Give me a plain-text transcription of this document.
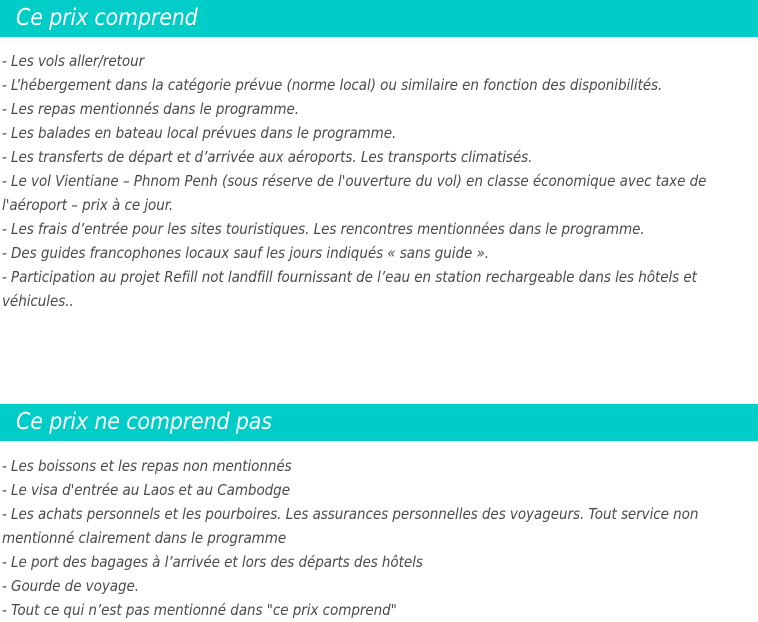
Ce prix comprend

- Les vols aller/retour

- L’hébergement dans la catégorie prévue (norme local) ou similaire en fonction des disponibilités.

- Les repas mentionnés dans le programme.

- Les balades en bateau local prévues dans le programme.

- Les transferts de départ et d’arrivée aux aéroports. Les transports climatisés.

- Le vol Vientiane – Phnom Penh (sous réserve de l'ouverture du vol) en classe économique avec taxe de l'aéroport – prix à ce jour.

- Les frais d’entrée pour les sites touristiques. Les rencontres mentionnées dans le programme.

- Des guides francophones locaux sauf les jours indiqués « sans guide ».

- Participation au projet Refill not landfill fournissant de l’eau en station rechargeable dans les hôtels et véhicules..

Ce prix ne comprend pas

- Les boissons et les repas non mentionnés

- Le visa d'entrée au Laos et au Cambodge

- Les achats personnels et les pourboires. Les assurances personnelles des voyageurs. Tout service non mentionné clairement dans le programme

- Le port des bagages à l’arrivée et lors des départs des hôtels

- Gourde de voyage.

- Tout ce qui n’est pas mentionné dans "ce prix comprend"
